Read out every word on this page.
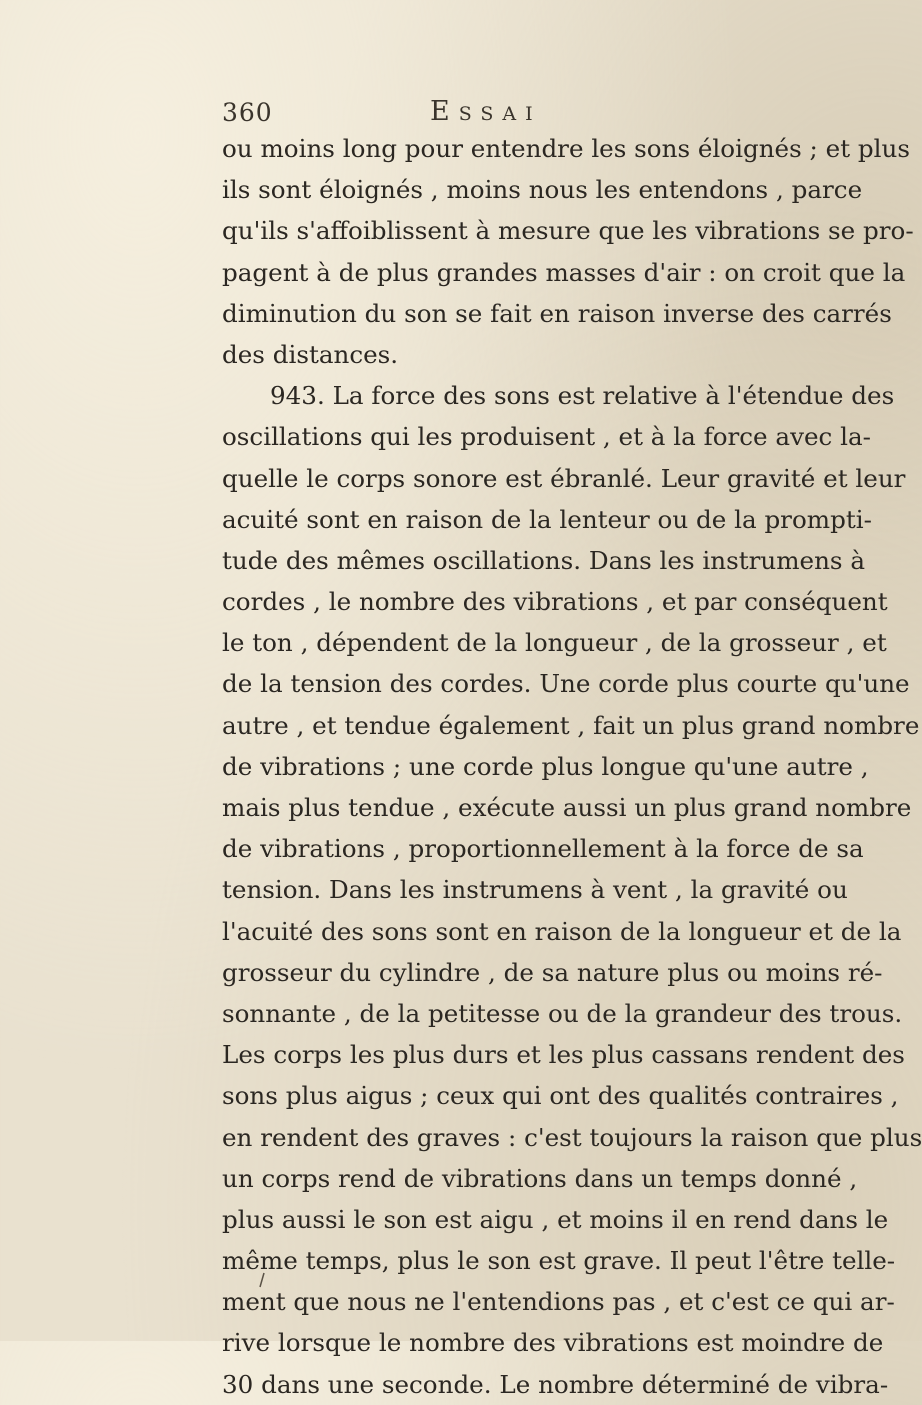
360	Essai
ou moins long pour entendre les sons éloignés ; et plus
ils sont éloignés , moins nous les entendons , parce
qu'ils s'affoiblissent à mesure que les vibrations se pro-
pagent à de plus grandes masses d'air : on croit que la
diminution du son se fait en raison inverse des carrés
des distances.
943. La force des sons est relative à l'étendue des
oscillations qui les produisent , et à la force avec la-
quelle le corps sonore est ébranlé. Leur gravité et leur
acuité sont en raison de la lenteur ou de la prompti-
tude des mêmes oscillations. Dans les instrumens à
cordes , le nombre des vibrations , et par conséquent
le ton , dépendent de la longueur , de la grosseur , et
de la tension des cordes. Une corde plus courte qu'une
autre , et tendue également , fait un plus grand nombre
de vibrations ; une corde plus longue qu'une autre ,
mais plus tendue , exécute aussi un plus grand nombre
de vibrations , proportionnellement à la force de sa
tension. Dans les instrumens à vent , la gravité ou
l'acuité des sons sont en raison de la longueur et de la
grosseur du cylindre , de sa nature plus ou moins ré-
sonnante , de la petitesse ou de la grandeur des trous.
Les corps les plus durs et les plus cassans rendent des
sons plus aigus ; ceux qui ont des qualités contraires ,
en rendent des graves : c'est toujours la raison que plus
un corps rend de vibrations dans un temps donné ,
plus aussi le son est aigu , et moins il en rend dans le
même temps, plus le son est grave. Il peut l'être telle-
ment que nous ne l'entendions pas , et c'est ce qui ar-
rive lorsque le nombre des vibrations est moindre de
30 dans une seconde. Le nombre déterminé de vibra-
